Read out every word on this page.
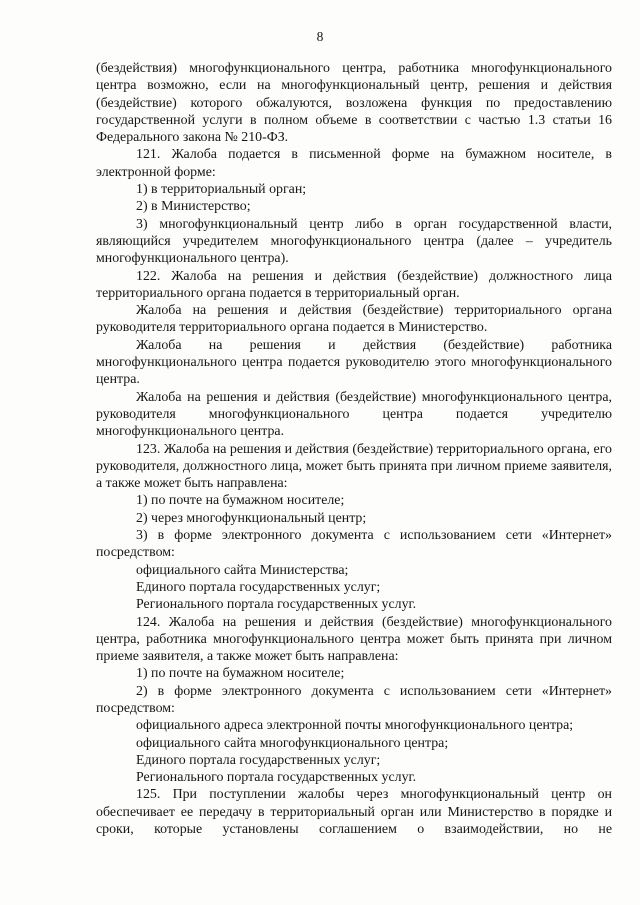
8

(бездействия) многофункционального центра, работника многофункционального центра возможно, если на многофункциональный центр, решения и действия (бездействие) которого обжалуются, возложена функция по предоставлению государственной услуги в полном объеме в соответствии с частью 1.3 статьи 16 Федерального закона № 210-ФЗ.

121. Жалоба подается в письменной форме на бумажном носителе, в электронной форме:

1) в территориальный орган;

2) в Министерство;

3) многофункциональный центр либо в орган государственной власти, являющийся учредителем многофункционального центра (далее – учредитель многофункционального центра).

122. Жалоба на решения и действия (бездействие) должностного лица территориального органа подается в территориальный орган.

Жалоба на решения и действия (бездействие) территориального органа руководителя территориального органа подается в Министерство.

Жалоба на решения и действия (бездействие) работника многофункционального центра подается руководителю этого многофункционального центра.

Жалоба на решения и действия (бездействие) многофункционального центра, руководителя многофункционального центра подается учредителю многофункционального центра.

123. Жалоба на решения и действия (бездействие) территориального органа, его руководителя, должностного лица, может быть принята при личном приеме заявителя, а также может быть направлена:

1) по почте на бумажном носителе;

2) через многофункциональный центр;

3) в форме электронного документа с использованием сети «Интернет» посредством:

официального сайта Министерства;

Единого портала государственных услуг;

Регионального портала государственных услуг.

124. Жалоба на решения и действия (бездействие) многофункционального центра, работника многофункционального центра может быть принята при личном приеме заявителя, а также может быть направлена:

1) по почте на бумажном носителе;

2) в форме электронного документа с использованием сети «Интернет» посредством:

официального адреса электронной почты многофункционального центра;

официального сайта многофункционального центра;

Единого портала государственных услуг;

Регионального портала государственных услуг.

125. При поступлении жалобы через многофункциональный центр он обеспечивает ее передачу в территориальный орган или Министерство в порядке и сроки, которые установлены соглашением о взаимодействии, но не
